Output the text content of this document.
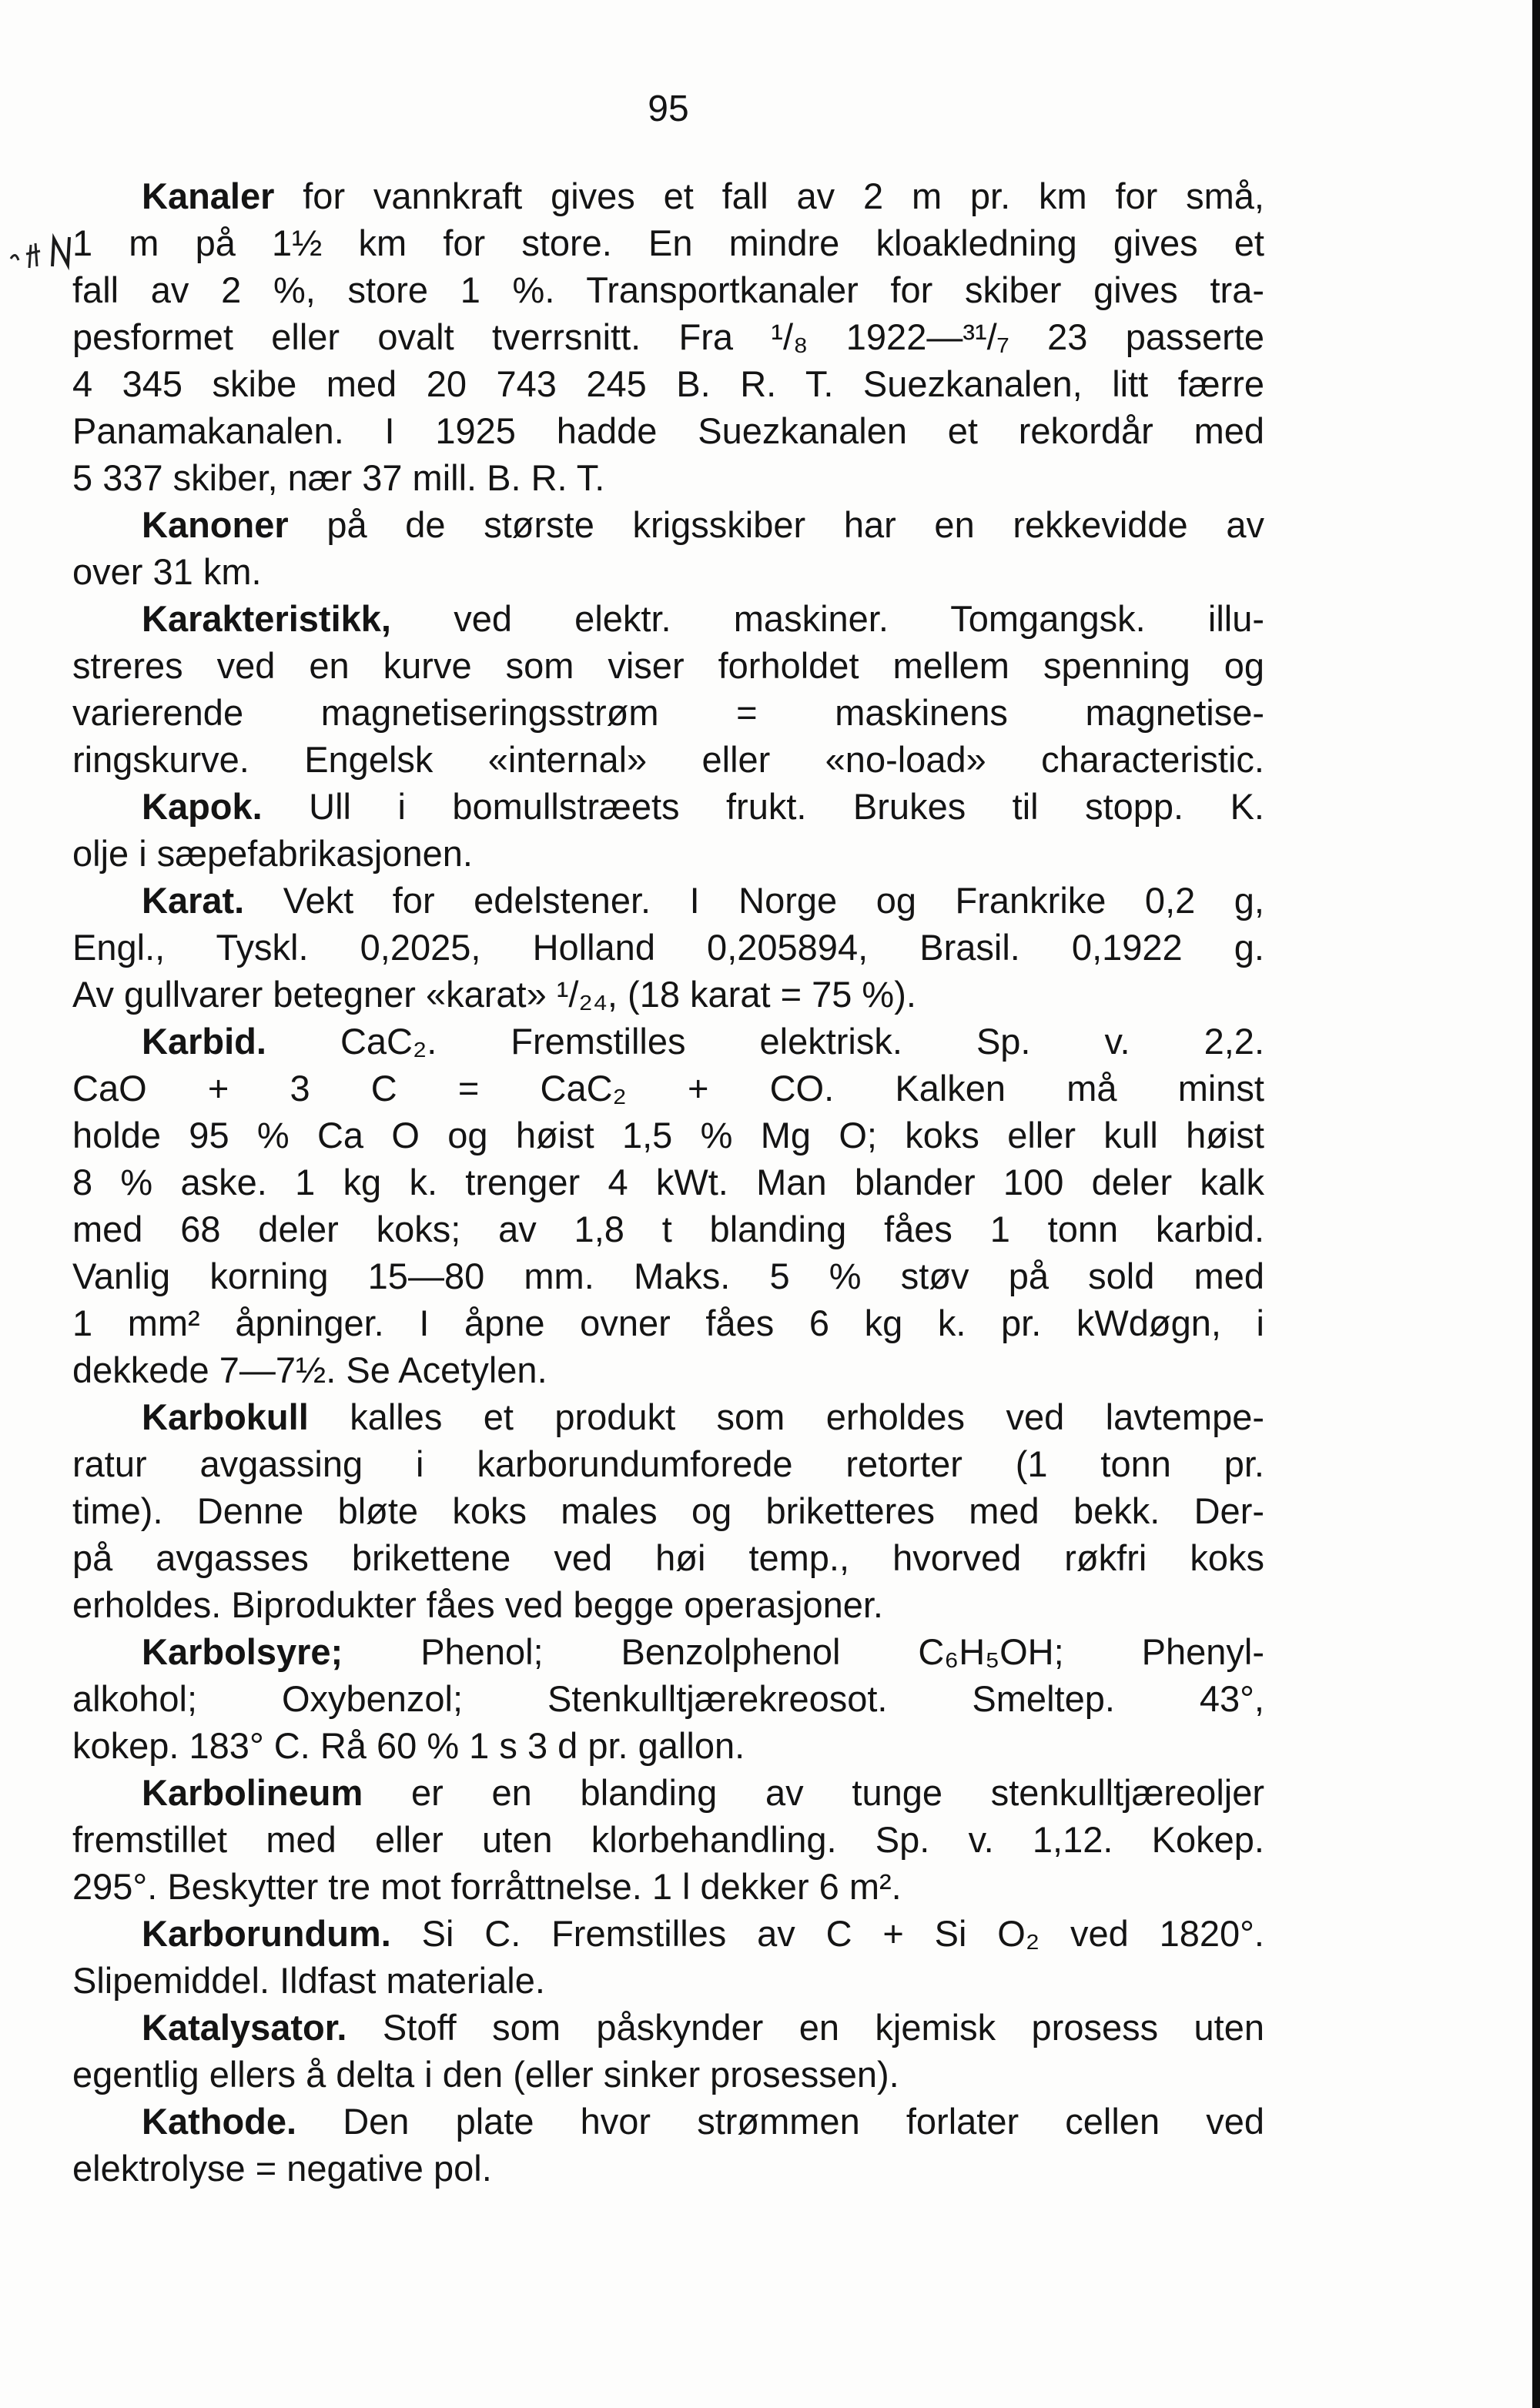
95
Kanaler for vannkraft gives et fall av 2 m pr. km for små,
1 m på 1½ km for store. En mindre kloakledning gives et
fall av 2 %, store 1 %. Transportkanaler for skiber gives tra-
pesformet eller ovalt tverrsnitt. Fra ¹/₈ 1922—³¹/₇ 23 passerte
4 345 skibe med 20 743 245 B. R. T. Suezkanalen, litt færre
Panamakanalen. I 1925 hadde Suezkanalen et rekordår med
5 337 skiber, nær 37 mill. B. R. T.
Kanoner på de største krigsskiber har en rekkevidde av
over 31 km.
Karakteristikk, ved elektr. maskiner. Tomgangsk. illu-
streres ved en kurve som viser forholdet mellem spenning og
varierende magnetiseringsstrøm = maskinens magnetise-
ringskurve. Engelsk «internal» eller «no-load» characteristic.
Kapok. Ull i bomullstræets frukt. Brukes til stopp. K.
olje i sæpefabrikasjonen.
Karat. Vekt for edelstener. I Norge og Frankrike 0,2 g,
Engl., Tyskl. 0,2025, Holland 0,205894, Brasil. 0,1922 g.
Av gullvarer betegner «karat» ¹/₂₄, (18 karat = 75 %).
Karbid. CaC₂. Fremstilles elektrisk. Sp. v. 2,2.
CaO + 3 C = CaC₂ + CO. Kalken må minst
holde 95 % Ca O og høist 1,5 % Mg O; koks eller kull høist
8 % aske. 1 kg k. trenger 4 kWt. Man blander 100 deler kalk
med 68 deler koks; av 1,8 t blanding fåes 1 tonn karbid.
Vanlig korning 15—80 mm. Maks. 5 % støv på sold med
1 mm² åpninger. I åpne ovner fåes 6 kg k. pr. kWdøgn, i
dekkede 7—7½. Se Acetylen.
Karbokull kalles et produkt som erholdes ved lavtempe-
ratur avgassing i karborundumforede retorter (1 tonn pr.
time). Denne bløte koks males og briketteres med bekk. Der-
på avgasses brikettene ved høi temp., hvorved røkfri koks
erholdes. Biprodukter fåes ved begge operasjoner.
Karbolsyre; Phenol; Benzolphenol C₆H₅OH; Phenyl-
alkohol; Oxybenzol; Stenkulltjærekreosot. Smeltep. 43°,
kokep. 183° C. Rå 60 % 1 s 3 d pr. gallon.
Karbolineum er en blanding av tunge stenkulltjæreoljer
fremstillet med eller uten klorbehandling. Sp. v. 1,12. Kokep.
295°. Beskytter tre mot forråttnelse. 1 l dekker 6 m².
Karborundum. Si C. Fremstilles av C + Si O₂ ved 1820°.
Slipemiddel. Ildfast materiale.
Katalysator. Stoff som påskynder en kjemisk prosess uten
egentlig ellers å delta i den (eller sinker prosessen).
Kathode. Den plate hvor strømmen forlater cellen ved
elektrolyse = negative pol.
